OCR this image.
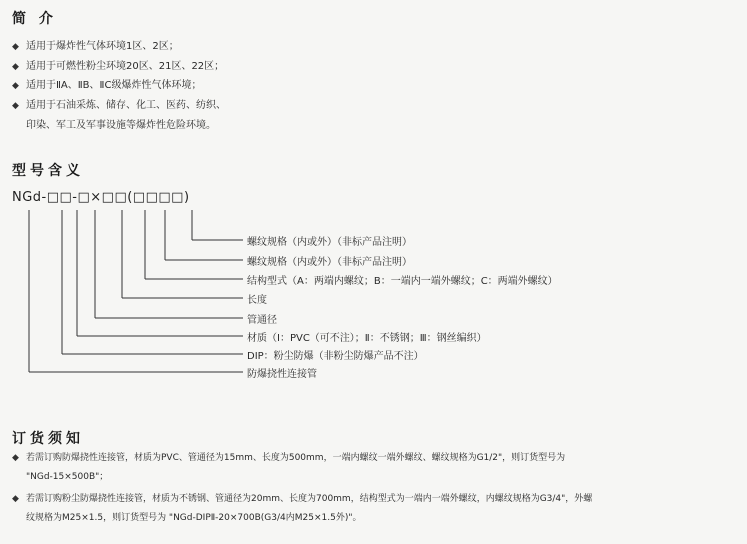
简 介
◆ 适用于爆炸性气体环境1区、2区；
◆ 适用于可燃性粉尘环境20区、21区、22区；
◆ 适用于ⅡA、ⅡB、ⅡC级爆炸性气体环境；
◆ 适用于石油采炼、储存、化工、医药、纺织、
印染、军工及军事设施等爆炸性危险环境。
型号含义
NGd-□□-□×□□(□□□□)
螺纹规格（内或外）（非标产品注明）
螺纹规格（内或外）（非标产品注明）
结构型式（A：两端内螺纹；B：一端内一端外螺纹；C：两端外螺纹）
长度
管通径
材质（Ⅰ：PVC（可不注）；Ⅱ：不锈钢；Ⅲ：钢丝编织）
DIP：粉尘防爆（非粉尘防爆产品不注）
防爆挠性连接管
订货须知
◆ 若需订购防爆挠性连接管，材质为PVC、管通径为15mm、长度为500mm，一端内螺纹一端外螺纹、螺纹规格为G1/2"，则订货型号为
"NGd-15×500B"；
◆ 若需订购粉尘防爆挠性连接管，材质为不锈钢、管通径为20mm、长度为700mm，结构型式为一端内一端外螺纹，内螺纹规格为G3/4"，外螺
纹规格为M25×1.5，则订货型号为 "NGd-DIPⅡ-20×700B(G3/4内M25×1.5外)"。
